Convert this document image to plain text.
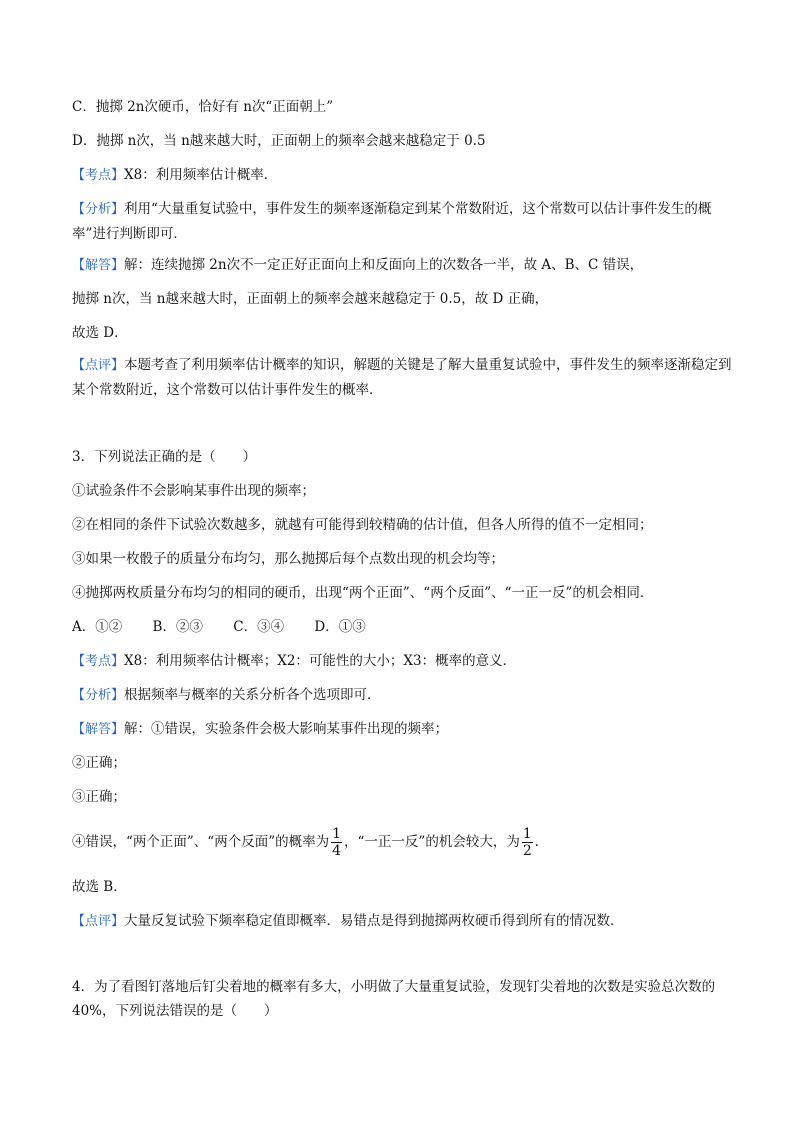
C．抛掷 2n次硬币，恰好有 n次“正面朝上”
D．抛掷 n次，当 n越来越大时，正面朝上的频率会越来越稳定于 0.5
【考点】X8：利用频率估计概率．
【分析】利用“大量重复试验中，事件发生的频率逐渐稳定到某个常数附近，这个常数可以估计事件发生的概率”进行判断即可．
【解答】解：连续抛掷 2n次不一定正好正面向上和反面向上的次数各一半，故 A、B、C 错误，
抛掷 n次，当 n越来越大时，正面朝上的频率会越来越稳定于 0.5，故 D 正确，
故选 D．
【点评】本题考查了利用频率估计概率的知识，解题的关键是了解大量重复试验中，事件发生的频率逐渐稳定到某个常数附近，这个常数可以估计事件发生的概率．
3．下列说法正确的是（　　）
①试验条件不会影响某事件出现的频率；
②在相同的条件下试验次数越多，就越有可能得到较精确的估计值，但各人所得的值不一定相同；
③如果一枚骰子的质量分布均匀，那么抛掷后每个点数出现的机会均等；
④抛掷两枚质量分布均匀的相同的硬币，出现“两个正面”、“两个反面”、“一正一反”的机会相同．
A．①② B．②③ C．③④ D．①③
【考点】X8：利用频率估计概率；X2：可能性的大小；X3：概率的意义．
【分析】根据频率与概率的关系分析各个选项即可．
【解答】解：①错误，实验条件会极大影响某事件出现的频率；
②正确；
③正确；
④错误，“两个正面”、“两个反面”的概率为 $\frac{1}{4}$ ，“一正一反”的机会较大，为 $\frac{1}{2}$ ．
故选 B．
【点评】大量反复试验下频率稳定值即概率．易错点是得到抛掷两枚硬币得到所有的情况数．
4．为了看图钉落地后钉尖着地的概率有多大，小明做了大量重复试验，发现钉尖着地的次数是实验总次数的 40%，下列说法错误的是（　　）
